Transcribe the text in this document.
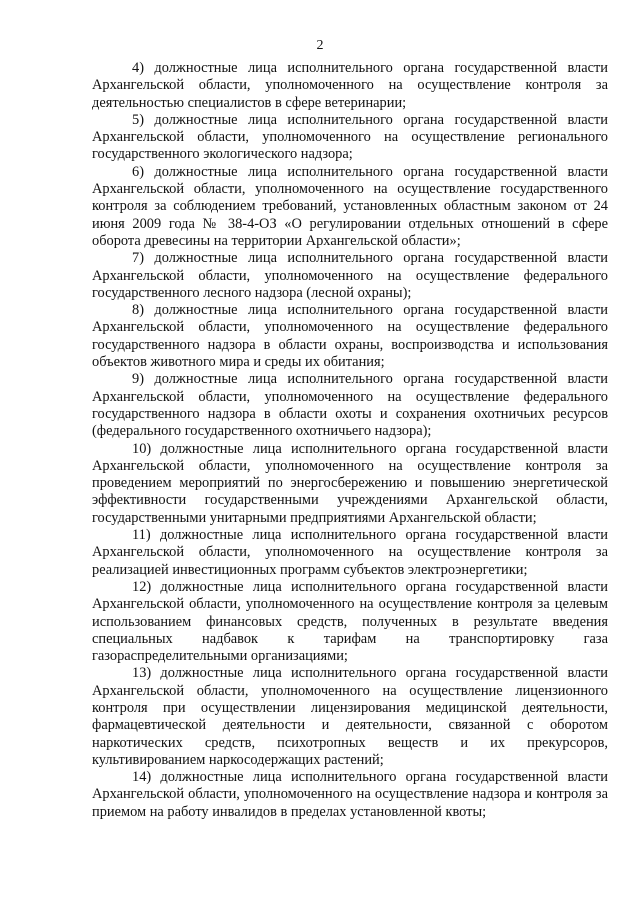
2

4) должностные лица исполнительного органа государственной власти Архангельской области, уполномоченного на осуществление контроля за деятельностью специалистов в сфере ветеринарии;

5) должностные лица исполнительного органа государственной власти Архангельской области, уполномоченного на осуществление регионального государственного экологического надзора;

6) должностные лица исполнительного органа государственной власти Архангельской области, уполномоченного на осуществление государственного контроля за соблюдением требований, установленных областным законом от 24 июня 2009 года № 38-4-ОЗ «О регулировании отдельных отношений в сфере оборота древесины на территории Архангельской области»;

7) должностные лица исполнительного органа государственной власти Архангельской области, уполномоченного на осуществление федерального государственного лесного надзора (лесной охраны);

8) должностные лица исполнительного органа государственной власти Архангельской области, уполномоченного на осуществление федерального государственного надзора в области охраны, воспроизводства и использования объектов животного мира и среды их обитания;

9) должностные лица исполнительного органа государственной власти Архангельской области, уполномоченного на осуществление федерального государственного надзора в области охоты и сохранения охотничьих ресурсов (федерального государственного охотничьего надзора);

10) должностные лица исполнительного органа государственной власти Архангельской области, уполномоченного на осуществление контроля за проведением мероприятий по энергосбережению и повышению энергетической эффективности государственными учреждениями Архангельской области, государственными унитарными предприятиями Архангельской области;

11) должностные лица исполнительного органа государственной власти Архангельской области, уполномоченного на осуществление контроля за реализацией инвестиционных программ субъектов электроэнергетики;

12) должностные лица исполнительного органа государственной власти Архангельской области, уполномоченного на осуществление контроля за целевым использованием финансовых средств, полученных в результате введения специальных надбавок к тарифам на транспортировку газа газораспределительными организациями;

13) должностные лица исполнительного органа государственной власти Архангельской области, уполномоченного на осуществление лицензионного контроля при осуществлении лицензирования медицинской деятельности, фармацевтической деятельности и деятельности, связанной с оборотом наркотических средств, психотропных веществ и их прекурсоров, культивированием наркосодержащих растений;

14) должностные лица исполнительного органа государственной власти Архангельской области, уполномоченного на осуществление надзора и контроля за приемом на работу инвалидов в пределах установленной квоты;
